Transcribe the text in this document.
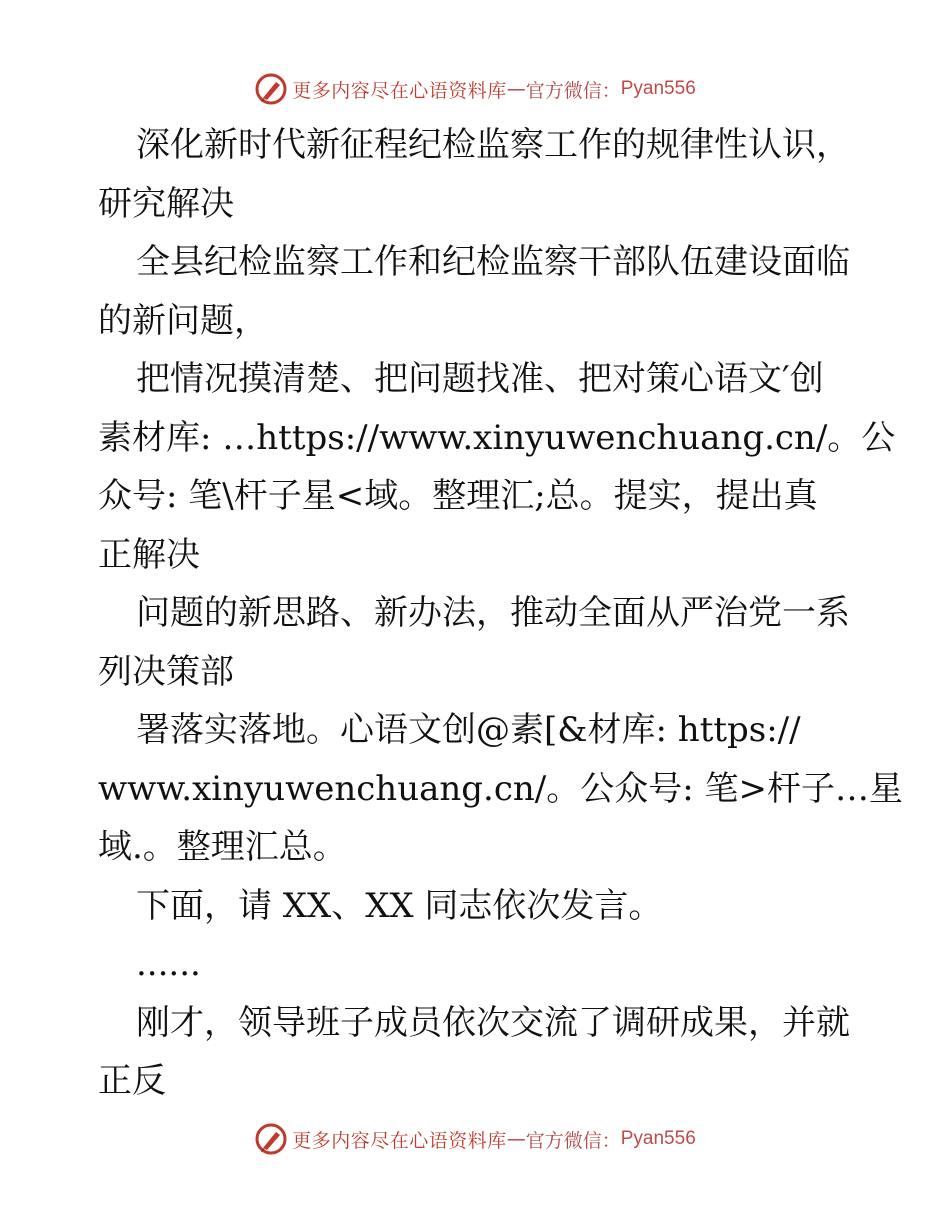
更多内容尽在心语资料库 — 官方微信： Pyan556

深化新时代新征程纪检监察工作的规律性认识，

研究解决

全县纪检监察工作和纪检监察干部队伍建设面临

的新问题，

把情况摸清楚、把问题找准、把对策心语文′创

素材库: …https://www.xinyuwenchuang.cn/。公

众号: 笔\杆子星<域。整理汇;总。提实，提出真

正解决

问题的新思路、新办法，推动全面从严治党一系

列决策部

署落实落地。心语文创@素[&材库: https://

www.xinyuwenchuang.cn/。公众号: 笔>杆子…星

域.。整理汇总。

下面，请 XX、XX 同志依次发言。

......

刚才，领导班子成员依次交流了调研成果，并就

正反

更多内容尽在心语资料库 — 官方微信： Pyan556
